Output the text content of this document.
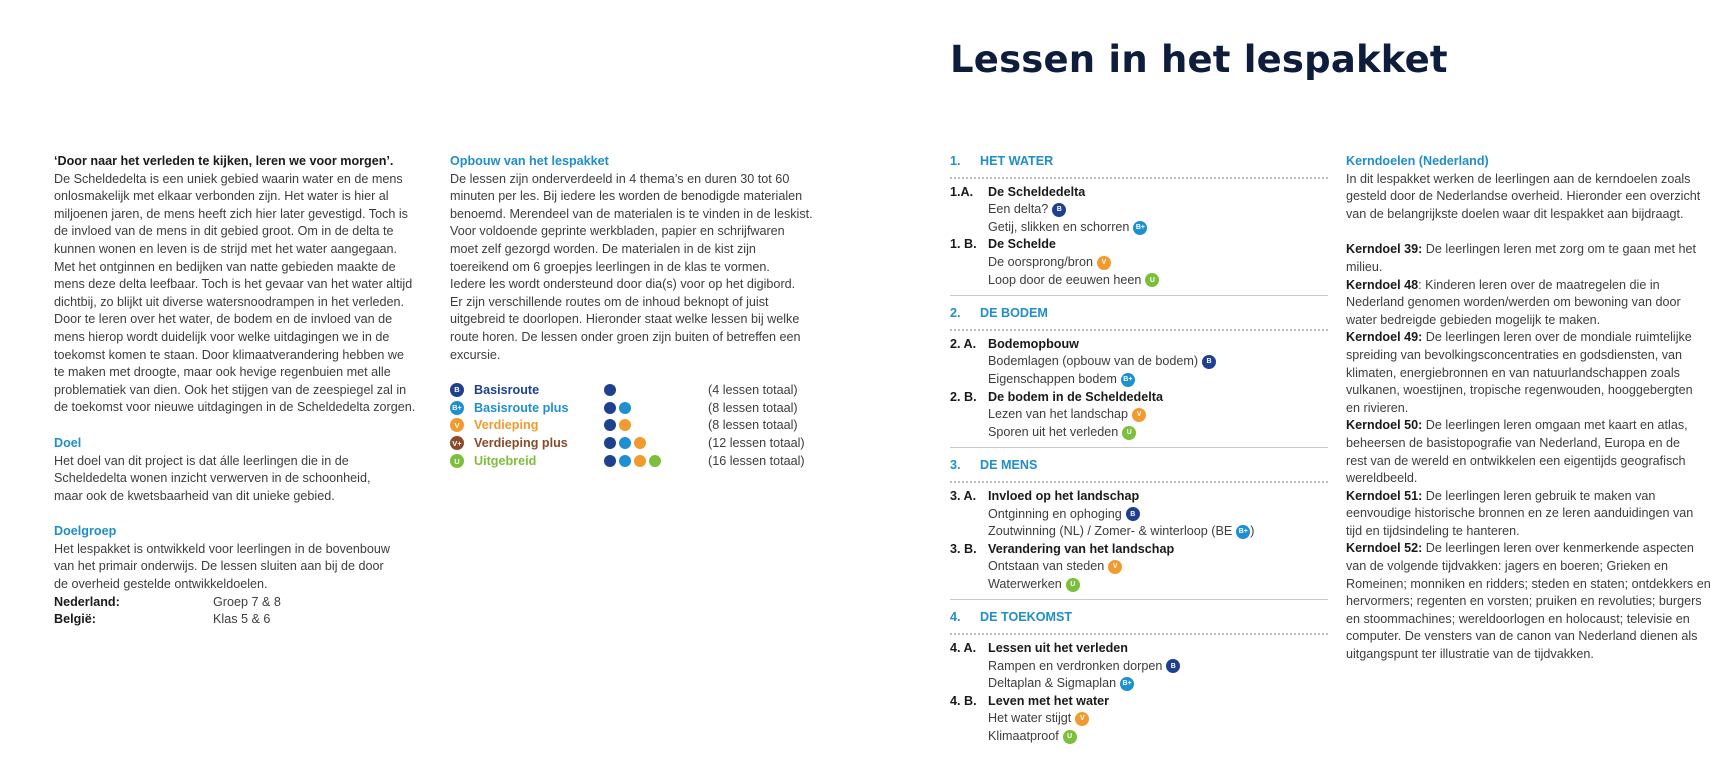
Lessen in het lespakket

‘Door naar het verleden te kijken, leren we voor morgen’.

De Scheldedelta is een uniek gebied waarin water en de mens
onlosmakelijk met elkaar verbonden zijn. Het water is hier al
miljoenen jaren, de mens heeft zich hier later gevestigd. Toch is
de invloed van de mens in dit gebied groot. Om in de delta te
kunnen wonen en leven is de strijd met het water aangegaan.
Met het ontginnen en bedijken van natte gebieden maakte de
mens deze delta leefbaar. Toch is het gevaar van het water altijd
dichtbij, zo blijkt uit diverse watersnoodrampen in het verleden.
Door te leren over het water, de bodem en de invloed van de
mens hierop wordt duidelijk voor welke uitdagingen we in de
toekomst komen te staan. Door klimaatverandering hebben we
te maken met droogte, maar ook hevige regenbuien met alle
problematiek van dien. Ook het stijgen van de zeespiegel zal in
de toekomst voor nieuwe uitdagingen in de Scheldedelta zorgen.

Doel

Het doel van dit project is dat álle leerlingen die in de
Scheldedelta wonen inzicht verwerven in de schoonheid,
maar ook de kwetsbaarheid van dit unieke gebied.

Doelgroep

Het lespakket is ontwikkeld voor leerlingen in de bovenbouw
van het primair onderwijs. De lessen sluiten aan bij de door
de overheid gestelde ontwikkeldoelen.
Nederland:	Groep 7 & 8
België:	Klas 5 & 6

Opbouw van het lespakket

De lessen zijn onderverdeeld in 4 thema’s en duren 30 tot 60
minuten per les. Bij iedere les worden de benodigde materialen
benoemd. Merendeel van de materialen is te vinden in de leskist.
Voor voldoende geprinte werkbladen, papier en schrijfwaren
moet zelf gezorgd worden. De materialen in de kist zijn
toereikend om 6 groepjes leerlingen in de klas te vormen.
Iedere les wordt ondersteund door dia(s) voor op het digibord.
Er zijn verschillende routes om de inhoud beknopt of juist
uitgebreid te doorlopen. Hieronder staat welke lessen bij welke
route horen. De lessen onder groen zijn buiten of betreffen een
excursie.
B	Basisroute	(4 lessen totaal)
B+ Basisroute plus	(8 lessen totaal)
V	Verdieping	(8 lessen totaal)
V+ Verdieping plus	(12 lessen totaal)
U	Uitgebreid	(16 lessen totaal)
1.	HET WATER
1.A.	De Scheldedelta
Een delta?	B
Getij, slikken en schorren B+
1. B. De Schelde
De oorsprong/bron	V
Loop door de eeuwen heen	U
2.	DE BODEM
2. A. Bodemopbouw
Bodemlagen (opbouw van de bodem)	B
Eigenschappen bodem B+
2. B. De bodem in de Scheldedelta
Lezen van het landschap	V
Sporen uit het verleden	U
3.	DE MENS
3. A. Invloed op het landschap
Ontginning en ophoging	B
Zoutwinning (NL) / Zomer- & winterloop (BE B+ )
3. B. Verandering van het landschap
Ontstaan van steden	V
Waterwerken	U
4.	DE TOEKOMST
4. A. Lessen uit het verleden
Rampen en verdronken dorpen	B
Deltaplan & Sigmaplan B+
4. B. Leven met het water
Het water stijgt	V
Klimaatproof	U

Kerndoelen (Nederland)

In dit lespakket werken de leerlingen aan de kerndoelen zoals
gesteld door de Nederlandse overheid. Hieronder een overzicht
van de belangrijkste doelen waar dit lespakket aan bijdraagt.
Kerndoel 39: De leerlingen leren met zorg om te gaan met het
milieu.
Kerndoel 48: Kinderen leren over de maatregelen die in
Nederland genomen worden/werden om bewoning van door
water bedreigde gebieden mogelijk te maken.
Kerndoel 49: De leerlingen leren over de mondiale ruimtelijke
spreiding van bevolkingsconcentraties en godsdiensten, van
klimaten, energiebronnen en van natuurlandschappen zoals
vulkanen, woestijnen, tropische regenwouden, hooggebergten
en rivieren.
Kerndoel 50: De leerlingen leren omgaan met kaart en atlas,
beheersen de basistopografie van Nederland, Europa en de
rest van de wereld en ontwikkelen een eigentijds geografisch
wereldbeeld.
Kerndoel 51: De leerlingen leren gebruik te maken van
eenvoudige historische bronnen en ze leren aanduidingen van
tijd en tijdsindeling te hanteren.
Kerndoel 52: De leerlingen leren over kenmerkende aspecten
van de volgende tijdvakken: jagers en boeren; Grieken en
Romeinen; monniken en ridders; steden en staten; ontdekkers en
hervormers; regenten en vorsten; pruiken en revoluties; burgers
en stoommachines; wereldoorlogen en holocaust; televisie en
computer. De vensters van de canon van Nederland dienen als
uitgangspunt ter illustratie van de tijdvakken.
